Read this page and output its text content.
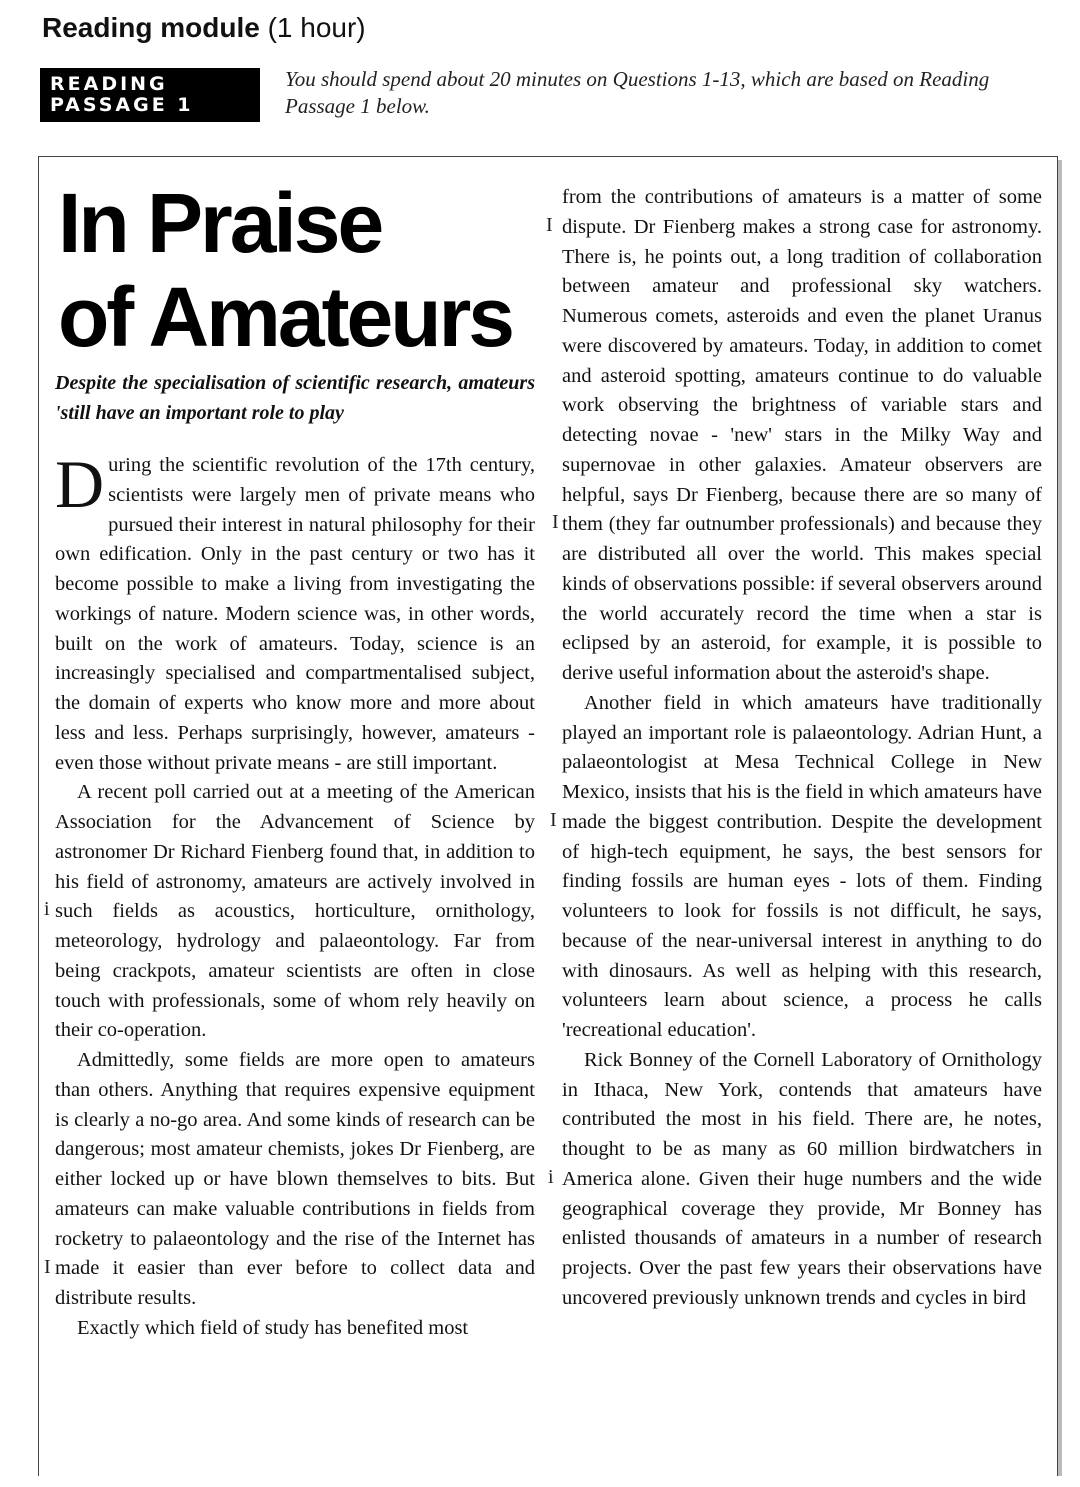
Reading module (1 hour)
READING
PASSAGE 1
You should spend about 20 minutes on Questions 1-13, which are based on Reading Passage 1 below.
In Praise
of Amateurs
Despite the specialisation of scientific research, amateurs 'still have an important role to play

During the scientific revolution of the 17th century, scientists were largely men of private means who pursued their interest in natural philosophy for their own edification. Only in the past century or two has it become possible to make a living from investigating the workings of nature. Modern science was, in other words, built on the work of amateurs. Today, science is an increasingly specialised and compartmentalised subject, the domain of experts who know more and more about less and less. Perhaps surprisingly, however, amateurs - even those without private means - are still important.

A recent poll carried out at a meeting of the American Association for the Advancement of Science by astronomer Dr Richard Fienberg found that, in addition to his field of astronomy, amateurs are actively involved in such fields as acoustics, horticulture, ornithology, meteorology, hydrology and palaeontology. Far from being crackpots, amateur scientists are often in close touch with professionals, some of whom rely heavily on their co-operation.

Admittedly, some fields are more open to amateurs than others. Anything that requires expensive equipment is clearly a no-go area. And some kinds of research can be dangerous; most amateur chemists, jokes Dr Fienberg, are either locked up or have blown themselves to bits. But amateurs can make valuable contributions in fields from rocketry to palaeontology and the rise of the Internet has made it easier than ever before to collect data and distribute results.

Exactly which field of study has benefited most

from the contributions of amateurs is a matter of some dispute. Dr Fienberg makes a strong case for astronomy. There is, he points out, a long tradition of collaboration between amateur and professional sky watchers. Numerous comets, asteroids and even the planet Uranus were discovered by amateurs. Today, in addition to comet and asteroid spotting, amateurs continue to do valuable work observing the brightness of variable stars and detecting novae - 'new' stars in the Milky Way and supernovae in other galaxies. Amateur observers are helpful, says Dr Fienberg, because there are so many of them (they far outnumber professionals) and because they are distributed all over the world. This makes special kinds of observations possible: if several observers around the world accurately record the time when a star is eclipsed by an asteroid, for example, it is possible to derive useful information about the asteroid's shape.

Another field in which amateurs have traditionally played an important role is palaeontology. Adrian Hunt, a palaeontologist at Mesa Technical College in New Mexico, insists that his is the field in which amateurs have made the biggest contribution. Despite the development of high-tech equipment, he says, the best sensors for finding fossils are human eyes - lots of them. Finding volunteers to look for fossils is not difficult, he says, because of the near-universal interest in anything to do with dinosaurs. As well as helping with this research, volunteers learn about science, a process he calls 'recreational education'.

Rick Bonney of the Cornell Laboratory of Ornithology in Ithaca, New York, contends that amateurs have contributed the most in his field. There are, he notes, thought to be as many as 60 million birdwatchers in America alone. Given their huge numbers and the wide geographical coverage they provide, Mr Bonney has enlisted thousands of amateurs in a number of research projects. Over the past few years their observations have uncovered previously unknown trends and cycles in bird

i
I
I
I
I
i
